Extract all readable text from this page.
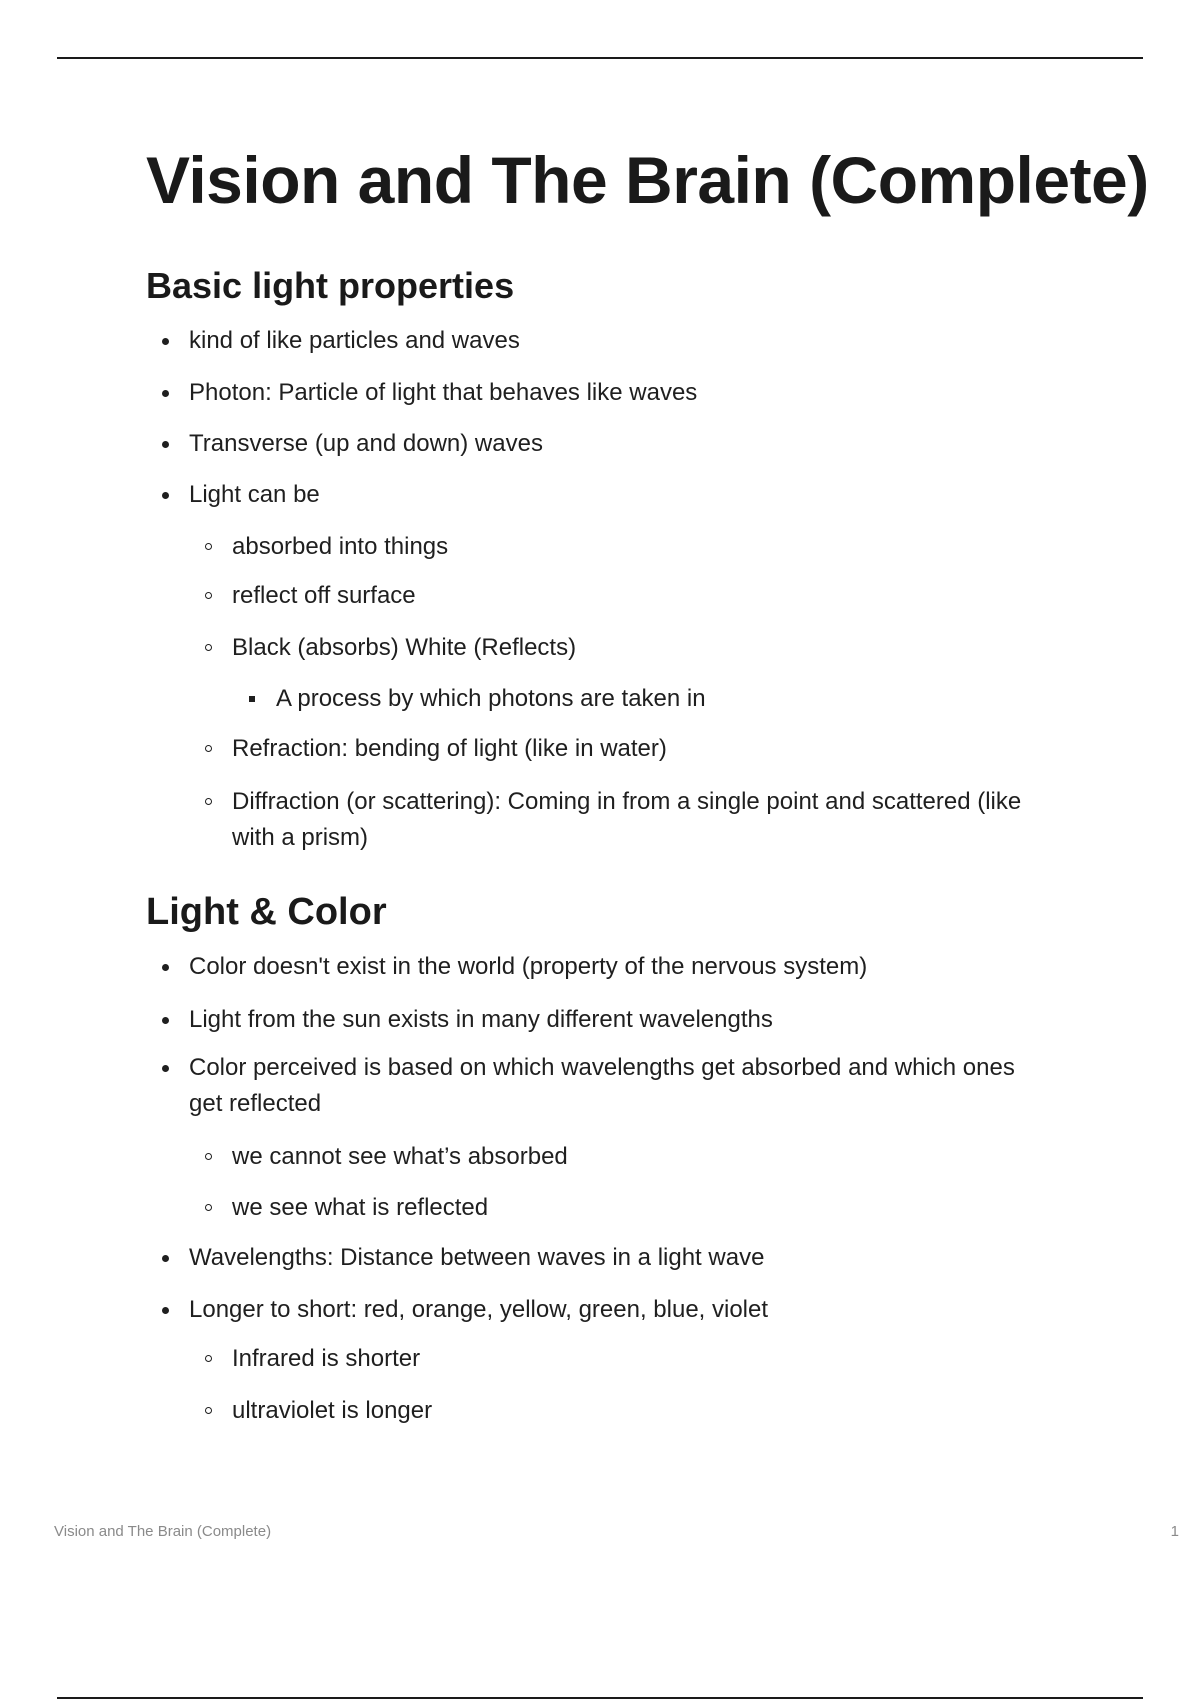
Vision and The Brain (Complete)
Basic light properties
kind of like particles and waves
Photon: Particle of light that behaves like waves
Transverse (up and down) waves
Light can be
absorbed into things
reflect off surface
Black (absorbs) White (Reflects)
A process by which photons are taken in
Refraction: bending of light (like in water)
Diffraction (or scattering): Coming in from a single point and scattered (like
with a prism)
Light & Color
Color doesn't exist in the world (property of the nervous system)
Light from the sun exists in many different wavelengths
Color perceived is based on which wavelengths get absorbed and which ones
get reflected
we cannot see what’s absorbed
we see what is reflected
Wavelengths: Distance between waves in a light wave
Longer to short: red, orange, yellow, green, blue, violet
Infrared is shorter
ultraviolet is longer
Vision and The Brain (Complete)	1
